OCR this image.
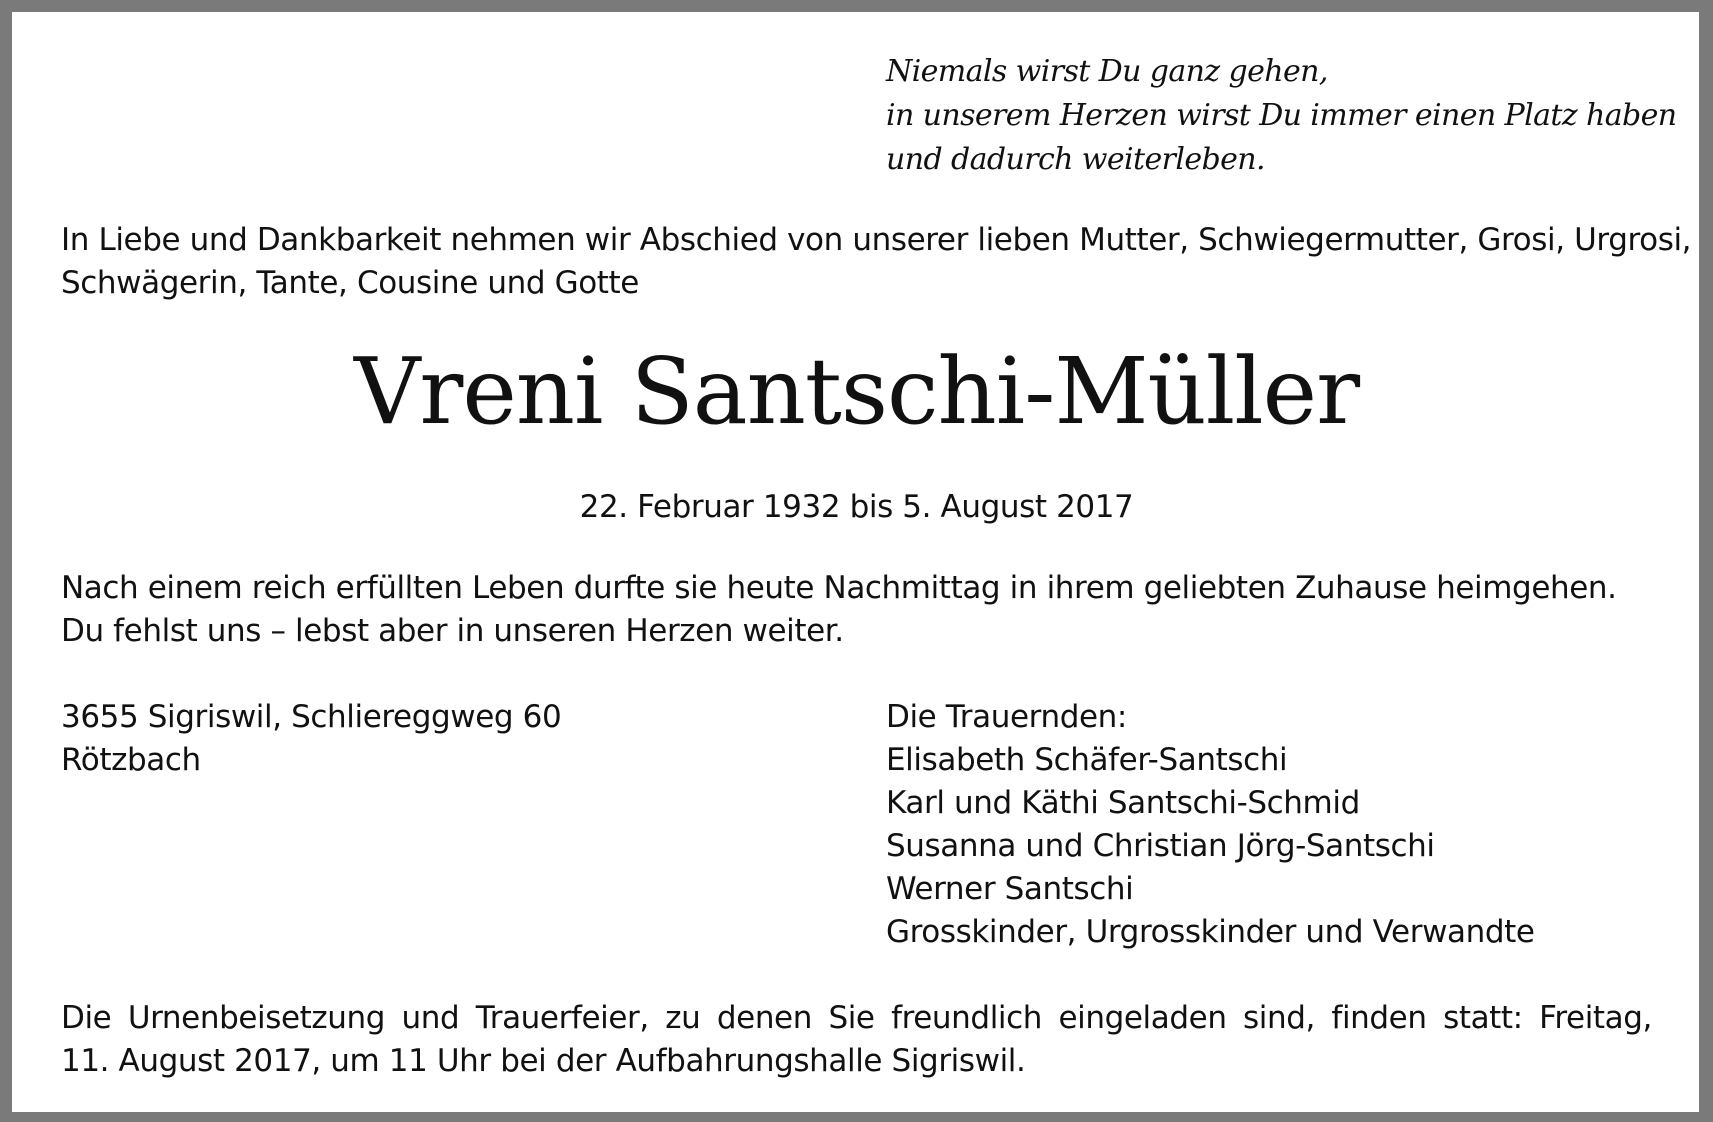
Niemals wirst Du ganz gehen,
in unserem Herzen wirst Du immer einen Platz haben
und dadurch weiterleben.
In Liebe und Dankbarkeit nehmen wir Abschied von unserer lieben Mutter, Schwiegermutter, Grosi, Urgrosi,
Schwägerin, Tante, Cousine und Gotte
Vreni Santschi-Müller
22. Februar 1932 bis 5. August 2017
Nach einem reich erfüllten Leben durfte sie heute Nachmittag in ihrem geliebten Zuhause heimgehen.
Du fehlst uns – lebst aber in unseren Herzen weiter.
3655 Sigriswil, Schliereggweg 60
Rötzbach
Die Trauernden:
Elisabeth Schäfer-Santschi
Karl und Käthi Santschi-Schmid
Susanna und Christian Jörg-Santschi
Werner Santschi
Grosskinder, Urgrosskinder und Verwandte
Die Urnenbeisetzung und Trauerfeier, zu denen Sie freundlich eingeladen sind, finden statt: Freitag,
11. August 2017, um 11 Uhr bei der Aufbahrungshalle Sigriswil.
